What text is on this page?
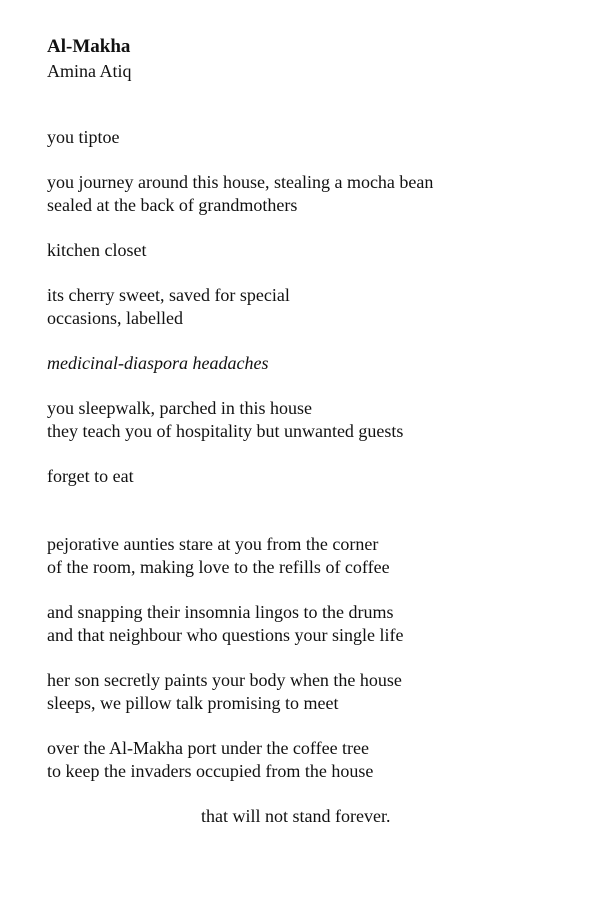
Al-Makha
Amina Atiq

you tiptoe

you journey around this house, stealing a mocha bean
sealed at the back of grandmothers

kitchen closet

its cherry sweet, saved for special
occasions, labelled

medicinal-diaspora headaches

you sleepwalk, parched in this house
they teach you of hospitality but unwanted guests

forget to eat

pejorative aunties stare at you from the corner
of the room, making love to the refills of coffee

and snapping their insomnia lingos to the drums
and that neighbour who questions your single life

her son secretly paints your body when the house
sleeps, we pillow talk promising to meet

over the Al-Makha port under the coffee tree
to keep the invaders occupied from the house

that will not stand forever.
